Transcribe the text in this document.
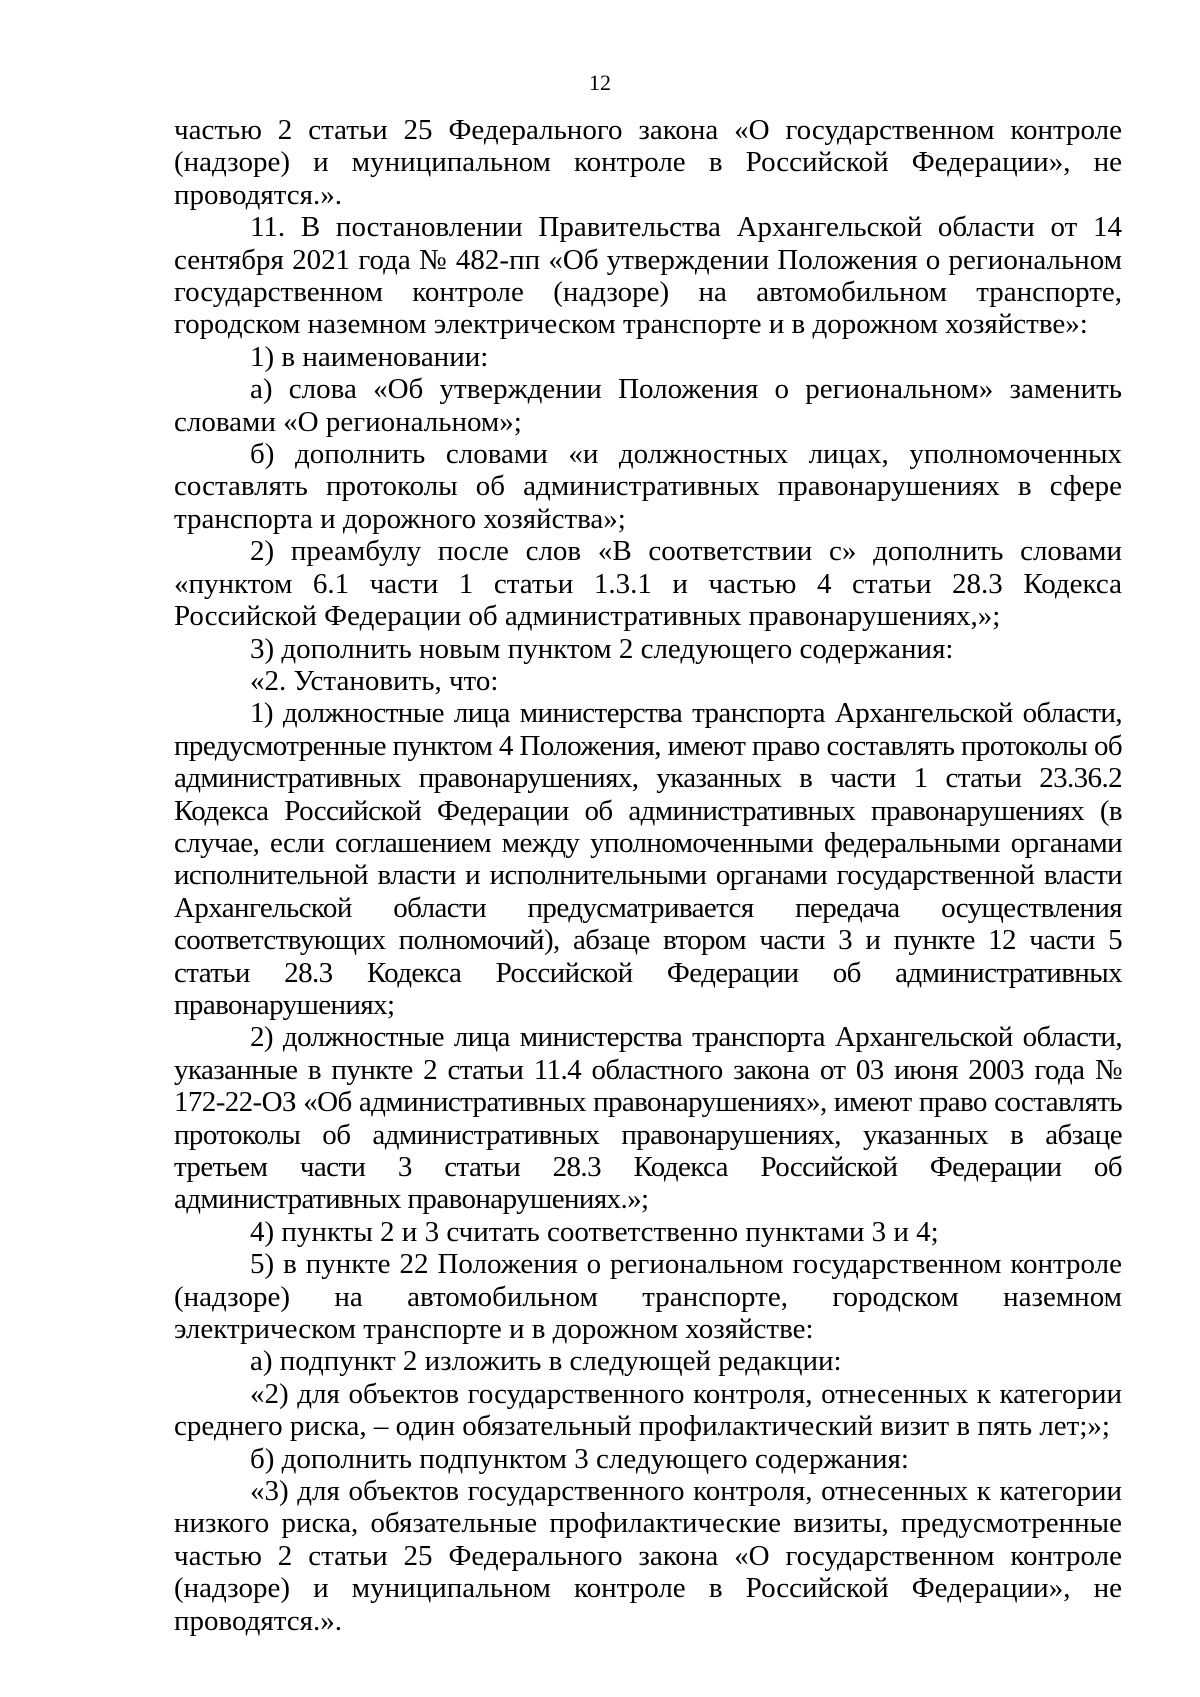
12

частью 2 статьи 25 Федерального закона «О государственном контроле (надзоре) и муниципальном контроле в Российской Федерации», не проводятся.».

11. В постановлении Правительства Архангельской области от 14 сентября 2021 года № 482-пп «Об утверждении Положения о региональном государственном контроле (надзоре) на автомобильном транспорте, городском наземном электрическом транспорте и в дорожном хозяйстве»:

1) в наименовании:

а) слова «Об утверждении Положения о региональном» заменить словами «О региональном»;

б) дополнить словами «и должностных лицах, уполномоченных составлять протоколы об административных правонарушениях в сфере транспорта и дорожного хозяйства»;

2) преамбулу после слов «В соответствии с» дополнить словами «пунктом 6.1 части 1 статьи 1.3.1 и частью 4 статьи 28.3 Кодекса Российской Федерации об административных правонарушениях,»;

3) дополнить новым пунктом 2 следующего содержания:

«2. Установить, что:

1) должностные лица министерства транспорта Архангельской области, предусмотренные пунктом 4 Положения, имеют право составлять протоколы об административных правонарушениях, указанных в части 1 статьи 23.36.2 Кодекса Российской Федерации об административных правонарушениях (в случае, если соглашением между уполномоченными федеральными органами исполнительной власти и исполнительными органами государственной власти Архангельской области предусматривается передача осуществления соответствующих полномочий), абзаце втором части 3 и пункте 12 части 5 статьи 28.3 Кодекса Российской Федерации об административных правонарушениях;

2) должностные лица министерства транспорта Архангельской области, указанные в пункте 2 статьи 11.4 областного закона от 03 июня 2003 года № 172-22-ОЗ «Об административных правонарушениях», имеют право составлять протоколы об административных правонарушениях, указанных в абзаце третьем части 3 статьи 28.3 Кодекса Российской Федерации об административных правонарушениях.»;

4) пункты 2 и 3 считать соответственно пунктами 3 и 4;

5) в пункте 22 Положения о региональном государственном контроле (надзоре) на автомобильном транспорте, городском наземном электрическом транспорте и в дорожном хозяйстве:

а) подпункт 2 изложить в следующей редакции:

«2) для объектов государственного контроля, отнесенных к категории среднего риска, – один обязательный профилактический визит в пять лет;»;

б) дополнить подпунктом 3 следующего содержания:

«3) для объектов государственного контроля, отнесенных к категории низкого риска, обязательные профилактические визиты, предусмотренные частью 2 статьи 25 Федерального закона «О государственном контроле (надзоре) и муниципальном контроле в Российской Федерации», не проводятся.».
